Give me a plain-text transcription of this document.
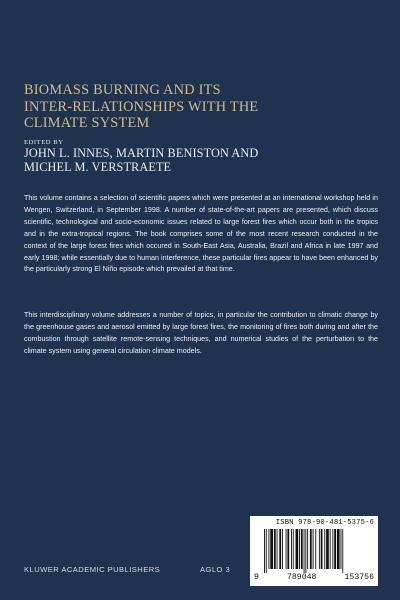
BIOMASS BURNING AND ITS
INTER-RELATIONSHIPS WITH THE
CLIMATE SYSTEM
EDITED BY
JOHN L. INNES, MARTIN BENISTON AND
MICHEL M. VERSTRAETE

This volume contains a selection of scientific papers which were presented at an international workshop held in Wengen, Switzerland, in September 1998. A number of state-of-the-art papers are presented, which discuss scientific, technological and socio-economic issues related to large forest fires which occur both in the tropics and in the extra-tropical regions. The book comprises some of the most recent research conducted in the context of the large forest fires which occured in South-East Asia, Australia, Brazil and Africa in late 1997 and early 1998; while essentially due to human interference, these particular fires appear to have been enhanced by the particularly strong El Niño episode which prevailed at that time.

This interdisciplinary volume addresses a number of topics, in particular the contribution to climatic change by the greenhouse gases and aerosol emitted by large forest fires, the monitoring of fires both during and after the combustion through satellite remote-sensing techniques, and numerical studies of the perturbation to the climate system using general circulation climate models.

ISBN 978-90-481-5375-6
9	789048	153756
KLUWER ACADEMIC PUBLISHERS	AGLO 3
